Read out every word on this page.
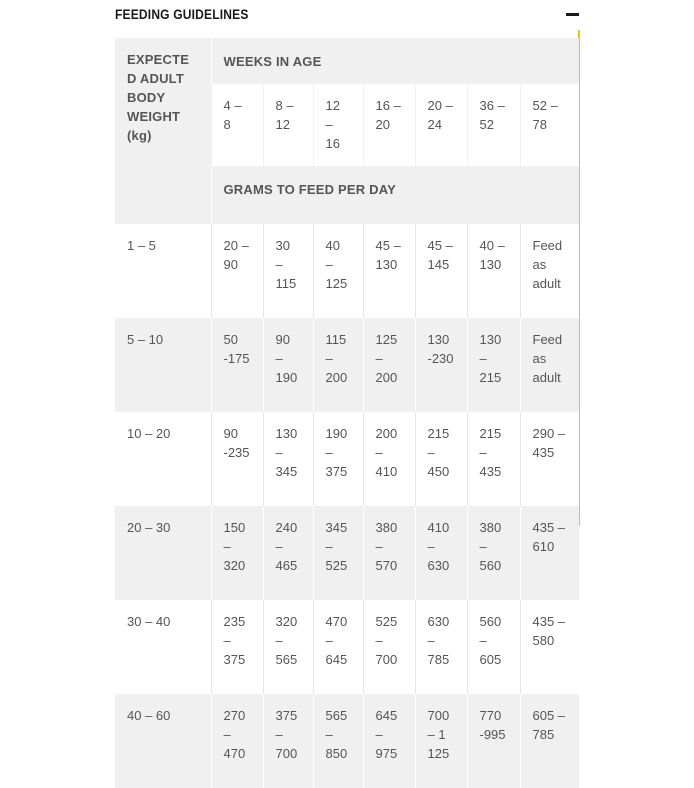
FEEDING GUIDELINES
EXPECTED ADULT BODY WEIGHT (kg)	WEEKS IN AGE						
	4 – 8	8 – 12	12 – 16	16 – 20	20 – 24	36 – 52	52 – 78
	GRAMS TO FEED PER DAY						
1 – 5	20 – 90	30 – 115	40 – 125	45 – 130	45 – 145	40 – 130	Feed as adult
5 – 10	50 -175	90 – 190	115 – 200	125 – 200	130 -230	130 – 215	Feed as adult
10 – 20	90 -235	130 – 345	190 – 375	200 – 410	215 – 450	215 – 435	290 – 435
20 – 30	150 – 320	240 – 465	345 – 525	380 – 570	410 – 630	380 – 560	435 – 610
30 – 40	235 – 375	320 – 565	470 – 645	525 – 700	630 – 785	560 – 605	435 – 580
40 – 60	270 – 470	375 – 700	565 – 850	645 – 975	700 – 1 125	770 -995	605 – 785
